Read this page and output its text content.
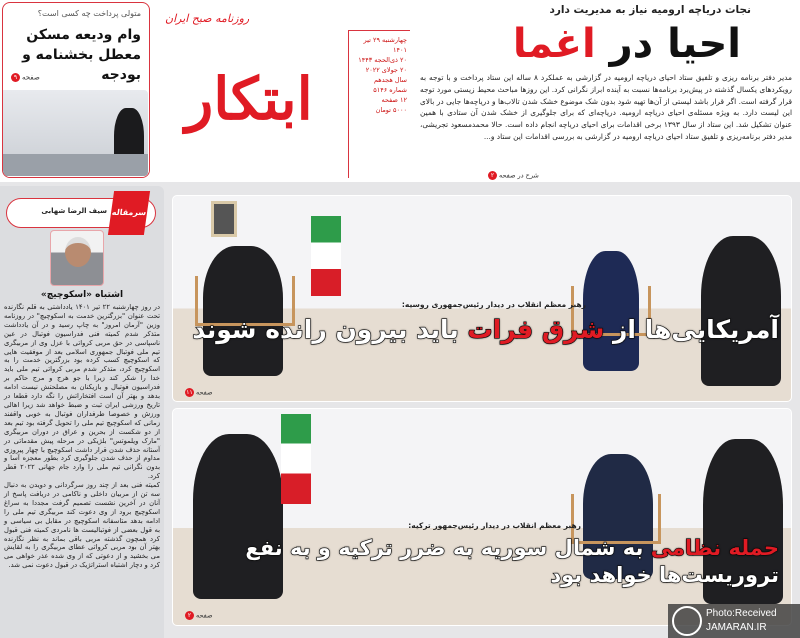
متولی پرداخت چه کسی است؟
وام ودیعه مسکن معطل بخشنامه و بودجه
صفحه۹	ابتکار
روزنامه صبح ایران
چهارشنبه ۲۹ تیر ۱۴۰۱
۲۰ ذی‌الحجه ۱۴۴۳
۲۰ جولای ۲۰۲۲
سال هجدهم
شماره ۵۱۴۶
۱۲ صفحه
۵۰۰۰ تومان
نجات دریاچه ارومیه نیاز به مدیریت دارد
احیا در اغما
مدیر دفتر برنامه ریزی و تلفیق ستاد احیای دریاچه ارومیه در گزارشی به عملکرد ۸ ساله این ستاد پرداخت و با توجه به رویکردهای یکسال گذشته در پیش‌برد برنامه‌ها نسبت به آینده ابراز نگرانی کرد. این روزها مباحث محیط زیستی مورد توجه قرار گرفته است. اگر قرار باشد لیستی از آن‌ها تهیه شود بدون شک موضوع خشک شدن تالاب‌ها و دریاچه‌ها جایی در بالای این لیست دارد. به ویژه مسئله‌ی احیای دریاچه ارومیه. دریاچه‌ای که برای جلوگیری از خشک شدن آن ستادی با همین عنوان تشکیل شد. این ستاد از سال ۱۳۹۳ برخی اقدامات برای احیای دریاچه انجام داده است. حالا محمدمسعود تجریشی، مدیر دفتر برنامه‌ریزی و تلفیق ستاد احیای دریاچه ارومیه در گزارشی به بررسی اقدامات این ستاد و...
شرح در صفحه۲
سیف الرضا شهابی سرمقاله
اشتباه «اسکوچیچ»

در روز چهارشنبه ۲۲ تیر ۱۴۰۱ یادداشتی به قلم نگارنده تحت عنوان "بزرگترین خدمت به اسکوچیچ" در روزنامه وزین "آرمان امروز" به چاپ رسید و در آن یادداشت متذکر شدم کمیته فنی فدراسیون فوتبال در عین ناسپاسی در حق مربی کرواتی با عزل وی از مربیگری تیم ملی فوتبال جمهوری اسلامی بعد از موفقیت هایی که اسکوچیچ کسب کرده بود بزرگترین خدمت را به اسکوچیچ کرد، متذکر شدم مربی کرواتی تیم ملی باید خدا را شکر کند زیرا با جو هرج و مرج حاکم بر فدراسیون فوتبال و بازیکنان به مصلحتش نیست ادامه بدهد و بهتر آن است افتخاراتش را نگه دارد قطعا در تاریخ ورزشی ایران ثبت و ضبط خواهد شد زیرا اهالی ورزش و خصوصا طرفداران فوتبال به خوبی واقفند زمانی که اسکوچیچ تیم ملی را تحویل گرفته بود تیم بعد از دو شکست از بحرین و عراق در دوران مربیگری "مارک ویلموتس" بلژیکی در مرحله پیش مقدماتی در آستانه حذف شدن قرار داشت اسکوچیچ با چهار پیروزی مداوم از حذف شدن جلوگیری کرد بطور معجزه آسا و بدون نگرانی تیم ملی را وارد جام جهانی ۲۰۲۲ قطر کرد.

کمیته فنی بعد از چند روز سرگردانی و دویدن به دنبال سه تن از مربیان داخلی و ناکامی در دریافت پاسخ از آنان در آخرین نشست تصمیم گرفت مجددا به سراغ اسکوچیچ برود از وی دعوت کند مربیگری تیم ملی را ادامه بدهد متاسفانه اسکوچیچ در مقابل بی سیاسی و به قول بعضی از فوتبالیست ها نامردی کمیته فنی قبول کرد همچون گذشته مربی باقی بماند به نظر نگارنده بهتر آن بود مربی کرواتی عطای مربیگری را به لقایش می بخشید و از دعوتی که از وی شده عذر خواهی می کرد و دچار اشتباه استراتژیک در قبول دعوت نمی شد.

رهبر معظم انقلاب در دیدار رئیس‌جمهوری روسیه:
آمریکایی‌ها از شرق فرات باید بیرون رانده شوند
صفحه۱۱
رهبر معظم انقلاب در دیدار رئیس‌جمهور ترکیه:
حمله نظامی به شمال سوریه به ضرر ترکیه و به نفع تروریست‌ها خواهد بود
صفحه۲	Photo:Received
JAMARAN.IR
